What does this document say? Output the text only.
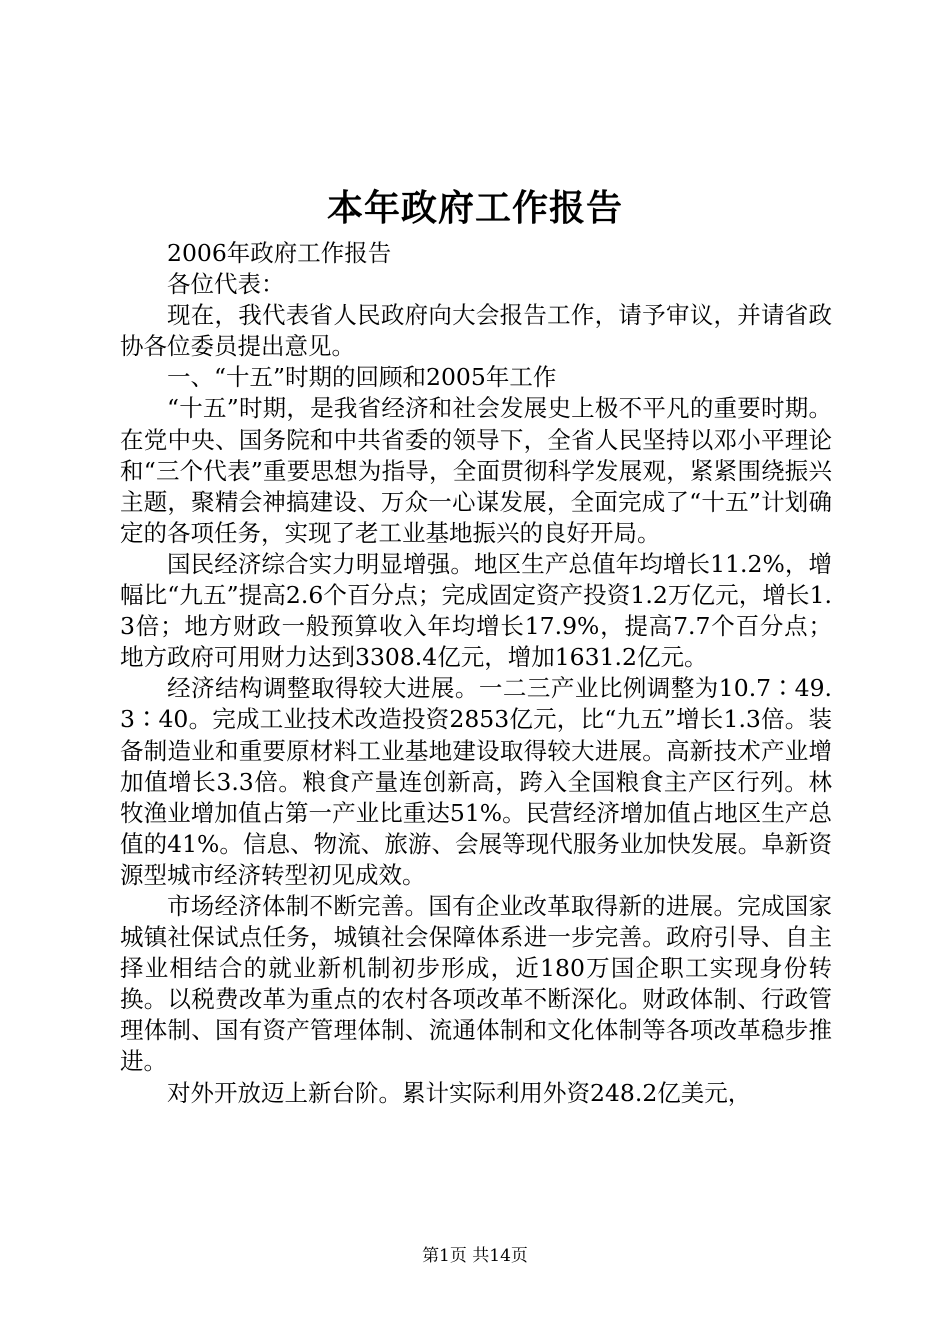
本年政府工作报告

2006年政府工作报告

各位代表：

现在，我代表省人民政府向大会报告工作，请予审议，并请省政协各位委员提出意见。

一、“十五”时期的回顾和2005年工作

“十五”时期，是我省经济和社会发展史上极不平凡的重要时期。在党中央、国务院和中共省委的领导下，全省人民坚持以邓小平理论和“三个代表”重要思想为指导，全面贯彻科学发展观，紧紧围绕振兴主题，聚精会神搞建设、万众一心谋发展，全面完成了“十五”计划确定的各项任务，实现了老工业基地振兴的良好开局。

国民经济综合实力明显增强。地区生产总值年均增长11.2%，增幅比“九五”提高2.6个百分点；完成固定资产投资1.2万亿元，增长1.3倍；地方财政一般预算收入年均增长17.9%，提高7.7个百分点；地方政府可用财力达到3308.4亿元，增加1631.2亿元。

经济结构调整取得较大进展。一二三产业比例调整为10.7∶49.3∶40。完成工业技术改造投资2853亿元，比“九五”增长1.3倍。装备制造业和重要原材料工业基地建设取得较大进展。高新技术产业增加值增长3.3倍。粮食产量连创新高，跨入全国粮食主产区行列。林牧渔业增加值占第一产业比重达51%。民营经济增加值占地区生产总值的41%。信息、物流、旅游、会展等现代服务业加快发展。阜新资源型城市经济转型初见成效。

市场经济体制不断完善。国有企业改革取得新的进展。完成国家城镇社保试点任务，城镇社会保障体系进一步完善。政府引导、自主择业相结合的就业新机制初步形成，近180万国企职工实现身份转换。以税费改革为重点的农村各项改革不断深化。财政体制、行政管理体制、国有资产管理体制、流通体制和文化体制等各项改革稳步推进。

对外开放迈上新台阶。累计实际利用外资248.2亿美元，

第1页 共14页
